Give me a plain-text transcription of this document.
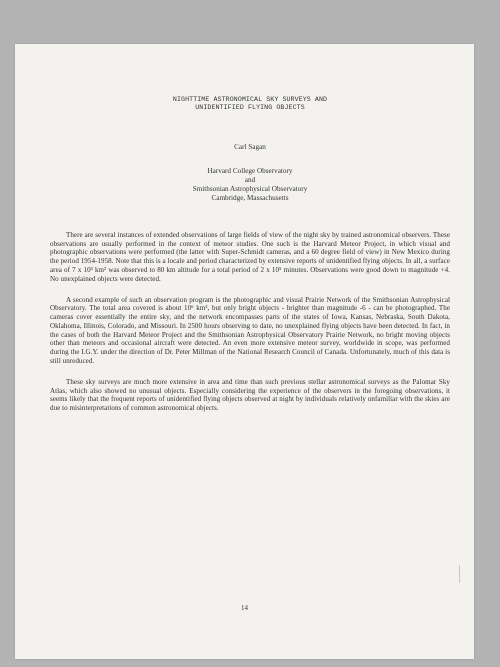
NIGHTTIME ASTRONOMICAL SKY SURVEYS AND
UNIDENTIFIED FLYING OBJECTS
Carl Sagan
Harvard College Observatory
and
Smithsonian Astrophysical Observatory
Cambridge, Massachusetts

There are several instances of extended observations of large fields of view of the night sky by trained astronomical observers. These observations are usually performed in the context of meteor studies. One such is the Harvard Meteor Project, in which visual and photographic observations were performed (the latter with Super-Schmidt cameras, and a 60 degree field of view) in New Mexico during the period 1954-1958. Note that this is a locale and period characterized by extensive reports of unidentified flying objects. In all, a surface area of 7 x 10³ km² was observed to 80 km altitude for a total period of 2 x 10⁵ minutes. Observations were good down to magnitude +4. No unexplained objects were detected.

A second example of such an observation program is the photographic and visual Prairie Network of the Smithsonian Astrophysical Observatory. The total area covered is about 10⁶ km², but only bright objects - brighter than magnitude -6 - can be photographed. The cameras cover essentially the entire sky, and the network encompasses parts of the states of Iowa, Kansas, Nebraska, South Dakota, Oklahoma, Illinois, Colorado, and Missouri. In 2500 hours observing to date, no unexplained flying objects have been detected. In fact, in the cases of both the Harvard Meteor Project and the Smithsonian Astrophysical Observatory Prairie Network, no bright moving objects other than meteors and occasional aircraft were detected. An even more extensive meteor survey, worldwide in scope, was performed during the I.G.Y. under the direction of Dr. Peter Millman of the National Research Council of Canada. Unfortunately, much of this data is still unreduced.

These sky surveys are much more extensive in area and time than such previous stellar astronomical surveys as the Palomar Sky Atlas, which also showed no unusual objects. Especially considering the experience of the observers in the foregoing observations, it seems likely that the frequent reports of unidentified flying objects observed at night by individuals relatively unfamiliar with the skies are due to misinterpretations of common astronomical objects.

14
